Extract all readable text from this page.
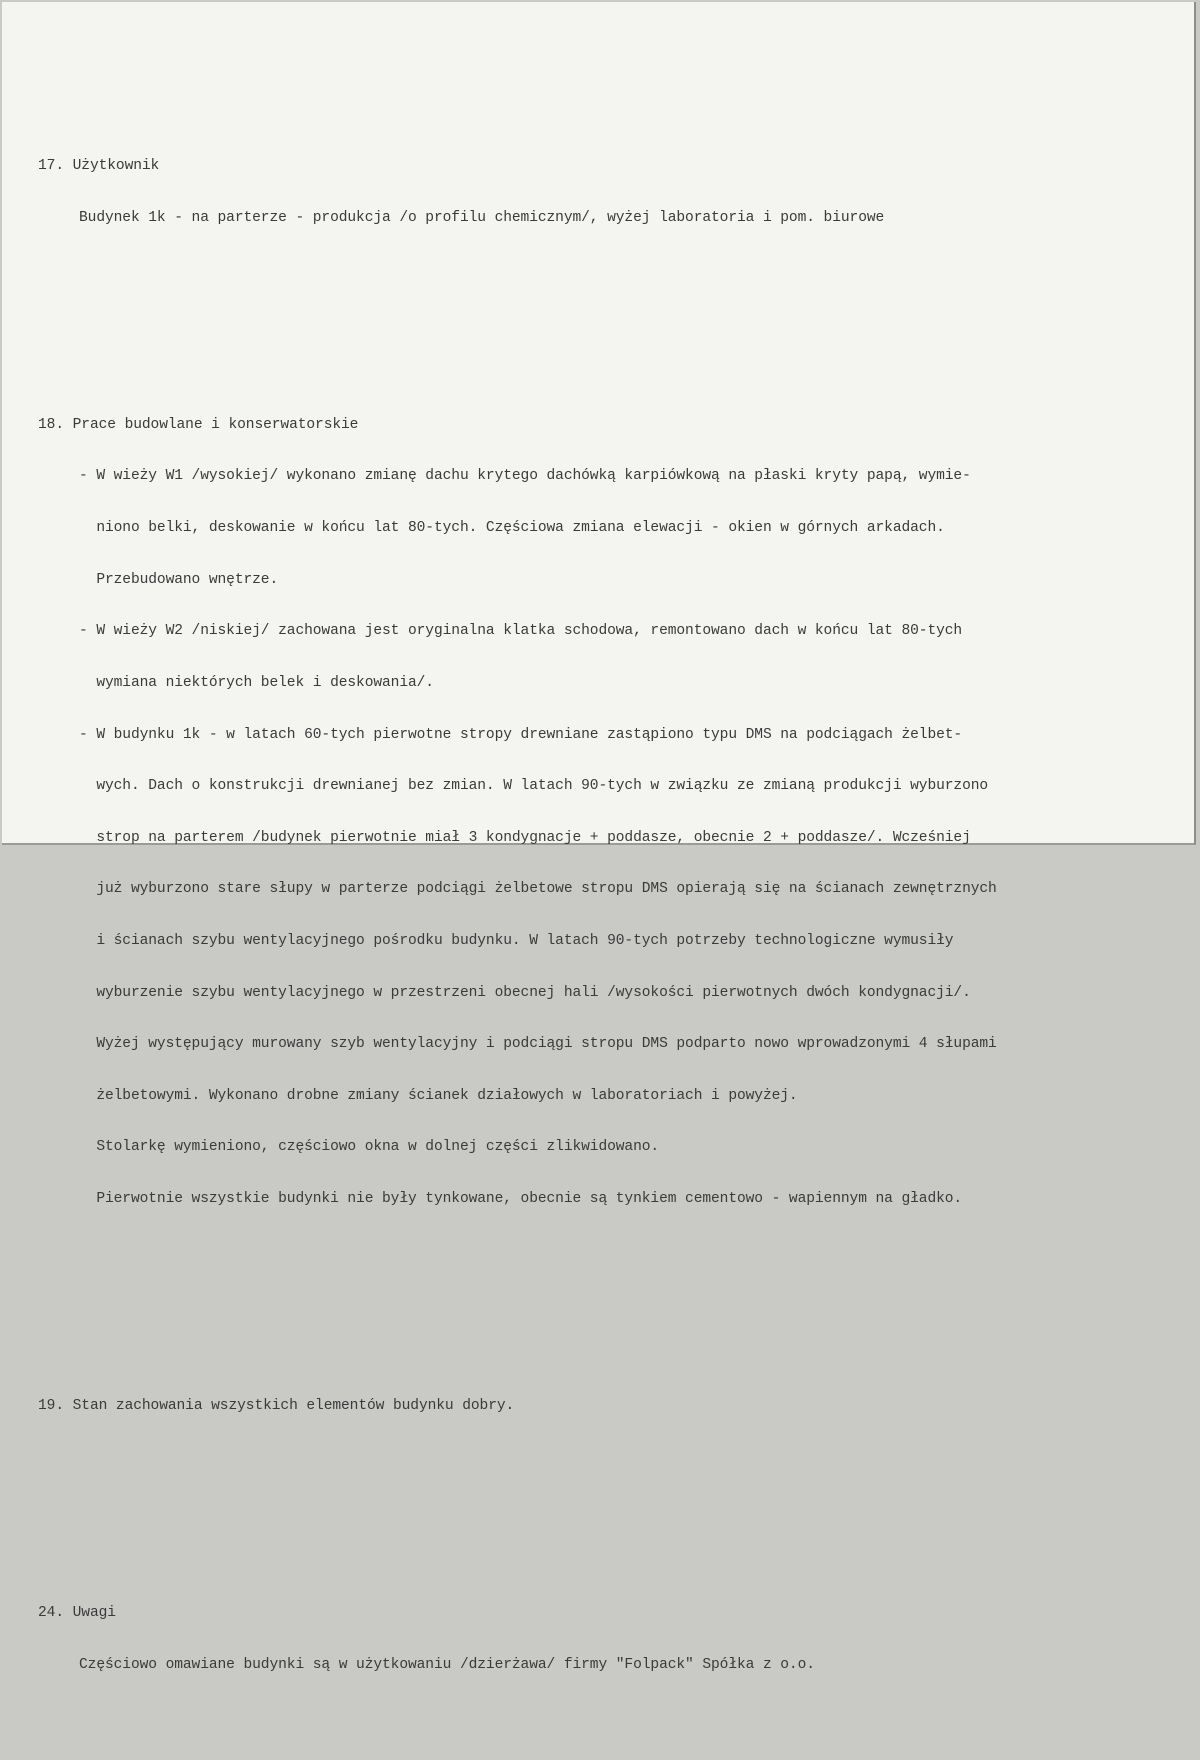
17. Użytkownik

Budynek 1k - na parterze - produkcja /o profilu chemicznym/, wyżej laboratoria i pom. biurowe

18. Prace budowlane i konserwatorskie

- W wieży W1 /wysokiej/ wykonano zmianę dachu krytego dachówką karpiówkową na płaski kryty papą, wymie-

niono belki, deskowanie w końcu lat 80-tych. Częściowa zmiana elewacji - okien w górnych arkadach.

Przebudowano wnętrze.

- W wieży W2 /niskiej/ zachowana jest oryginalna klatka schodowa, remontowano dach w końcu lat 80-tych

wymiana niektórych belek i deskowania/.

- W budynku 1k - w latach 60-tych pierwotne stropy drewniane zastąpiono typu DMS na podciągach żelbet-

wych. Dach o konstrukcji drewnianej bez zmian. W latach 90-tych w związku ze zmianą produkcji wyburzono

strop na parterem /budynek pierwotnie miał 3 kondygnacje + poddasze, obecnie 2 + poddasze/. Wcześniej

już wyburzono stare słupy w parterze podciągi żelbetowe stropu DMS opierają się na ścianach zewnętrznych

i ścianach szybu wentylacyjnego pośrodku budynku. W latach 90-tych potrzeby technologiczne wymusiły

wyburzenie szybu wentylacyjnego w przestrzeni obecnej hali /wysokości pierwotnych dwóch kondygnacji/.

Wyżej występujący murowany szyb wentylacyjny i podciągi stropu DMS podparto nowo wprowadzonymi 4 słupami

żelbetowymi. Wykonano drobne zmiany ścianek działowych w laboratoriach i powyżej.

Stolarkę wymieniono, częściowo okna w dolnej części zlikwidowano.

Pierwotnie wszystkie budynki nie były tynkowane, obecnie są tynkiem cementowo - wapiennym na gładko.

19. Stan zachowania wszystkich elementów budynku dobry.

24. Uwagi

Częściowo omawiane budynki są w użytkowaniu /dzierżawa/ firmy "Folpack" Spółka z o.o.
